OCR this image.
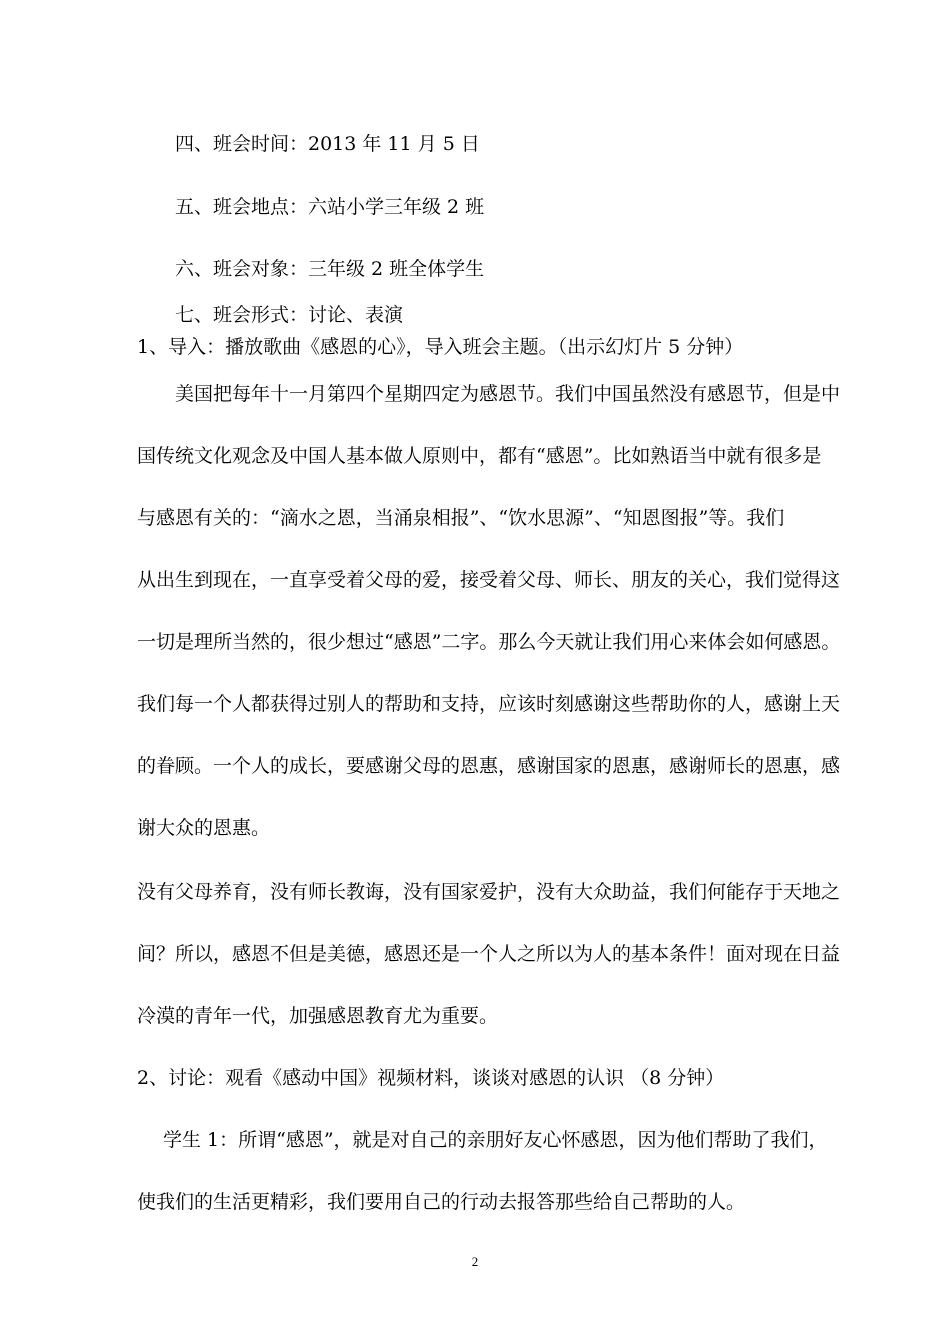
四、班会时间：2013 年 11 月 5 日
五、班会地点：六站小学三年级 2 班
六、班会对象：三年级 2 班全体学生
七、班会形式：讨论、表演
1、导入：播放歌曲《感恩的心》，导入班会主题。（出示幻灯片 5 分钟）
美国把每年十一月第四个星期四定为感恩节。我们中国虽然没有感恩节，但是中
国传统文化观念及中国人基本做人原则中，都有“感恩”。比如熟语当中就有很多是
与感恩有关的：“滴水之恩，当涌泉相报”、“饮水思源”、“知恩图报”等。我们
从出生到现在，一直享受着父母的爱，接受着父母、师长、朋友的关心，我们觉得这
一切是理所当然的，很少想过“感恩”二字。那么今天就让我们用心来体会如何感恩。
我们每一个人都获得过别人的帮助和支持，应该时刻感谢这些帮助你的人，感谢上天
的眷顾。一个人的成长，要感谢父母的恩惠，感谢国家的恩惠，感谢师长的恩惠，感
谢大众的恩惠。
没有父母养育，没有师长教诲，没有国家爱护，没有大众助益，我们何能存于天地之
间？所以，感恩不但是美德，感恩还是一个人之所以为人的基本条件！面对现在日益
冷漠的青年一代，加强感恩教育尤为重要。
2、讨论：观看《感动中国》视频材料，谈谈对感恩的认识 （8 分钟）
学生 1：所谓“感恩”，就是对自己的亲朋好友心怀感恩，因为他们帮助了我们，
使我们的生活更精彩，我们要用自己的行动去报答那些给自己帮助的人。
2
